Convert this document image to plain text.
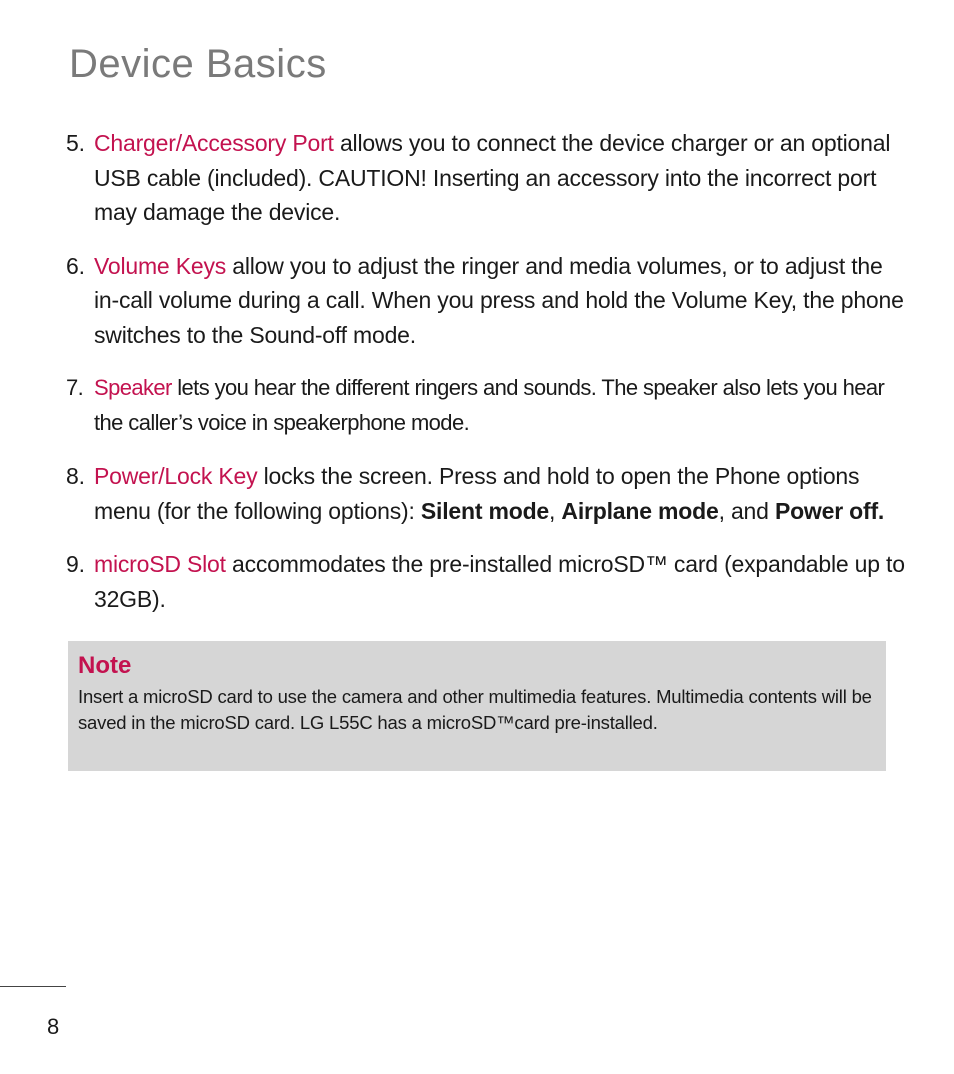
Device Basics
5. Charger/Accessory Port allows you to connect the device charger or an optional USB cable (included). CAUTION! Inserting an accessory into the incorrect port may damage the device.
6. Volume Keys allow you to adjust the ringer and media volumes, or to adjust the in-call volume during a call. When you press and hold the Volume Key, the phone switches to the Sound-off mode.
7. Speaker lets you hear the different ringers and sounds. The speaker also lets you hear the caller’s voice in speakerphone mode.
8. Power/Lock Key locks the screen. Press and hold to open the Phone options menu (for the following options): Silent mode, Airplane mode, and Power off.
9. microSD Slot accommodates the pre-installed microSD™ card (expandable up to 32GB).
Note
Insert a microSD card to use the camera and other multimedia features. Multimedia contents will be saved in the microSD card. LG L55C has a microSD™card pre-installed.
8
